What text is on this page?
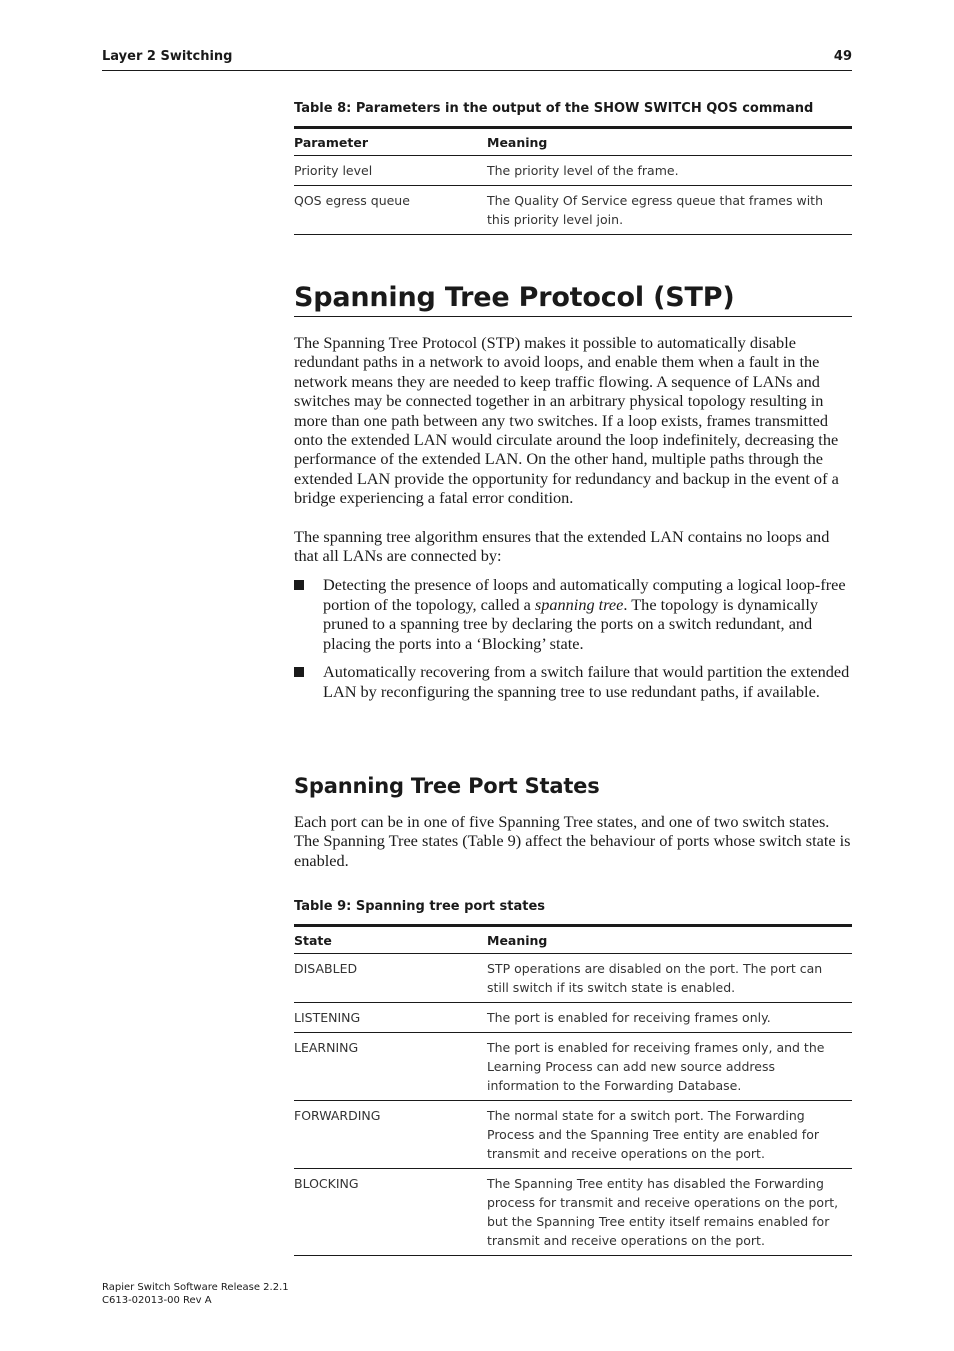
Layer 2 Switching	49
Table 8: Parameters in the output of the SHOW SWITCH QOS command
Parameter	Meaning
Priority level	The priority level of the frame.
QOS egress queue	The Quality Of Service egress queue that frames with this priority level join.
Spanning Tree Protocol (STP)

The Spanning Tree Protocol (STP) makes it possible to automatically disable redundant paths in a network to avoid loops, and enable them when a fault in the network means they are needed to keep traffic flowing. A sequence of LANs and switches may be connected together in an arbitrary physical topology resulting in more than one path between any two switches. If a loop exists, frames transmitted onto the extended LAN would circulate around the loop indefinitely, decreasing the performance of the extended LAN. On the other hand, multiple paths through the extended LAN provide the opportunity for redundancy and backup in the event of a bridge experiencing a fatal error condition.

The spanning tree algorithm ensures that the extended LAN contains no loops and that all LANs are connected by:

Detecting the presence of loops and automatically computing a logical loop-free portion of the topology, called a spanning tree. The topology is dynamically pruned to a spanning tree by declaring the ports on a switch redundant, and placing the ports into a ‘Blocking’ state.
Automatically recovering from a switch failure that would partition the extended LAN by reconfiguring the spanning tree to use redundant paths, if available.
Spanning Tree Port States
Each port can be in one of five Spanning Tree states, and one of two switch states. The Spanning Tree states (Table 9) affect the behaviour of ports whose switch state is enabled.
Table 9: Spanning tree port states
State	Meaning
DISABLED	STP operations are disabled on the port. The port can still switch if its switch state is enabled.
LISTENING	The port is enabled for receiving frames only.
LEARNING	The port is enabled for receiving frames only, and the Learning Process can add new source address information to the Forwarding Database.
FORWARDING	The normal state for a switch port. The Forwarding Process and the Spanning Tree entity are enabled for transmit and receive operations on the port.
BLOCKING	The Spanning Tree entity has disabled the Forwarding process for transmit and receive operations on the port, but the Spanning Tree entity itself remains enabled for transmit and receive operations on the port.
Rapier Switch Software Release 2.2.1
C613-02013-00 Rev A
